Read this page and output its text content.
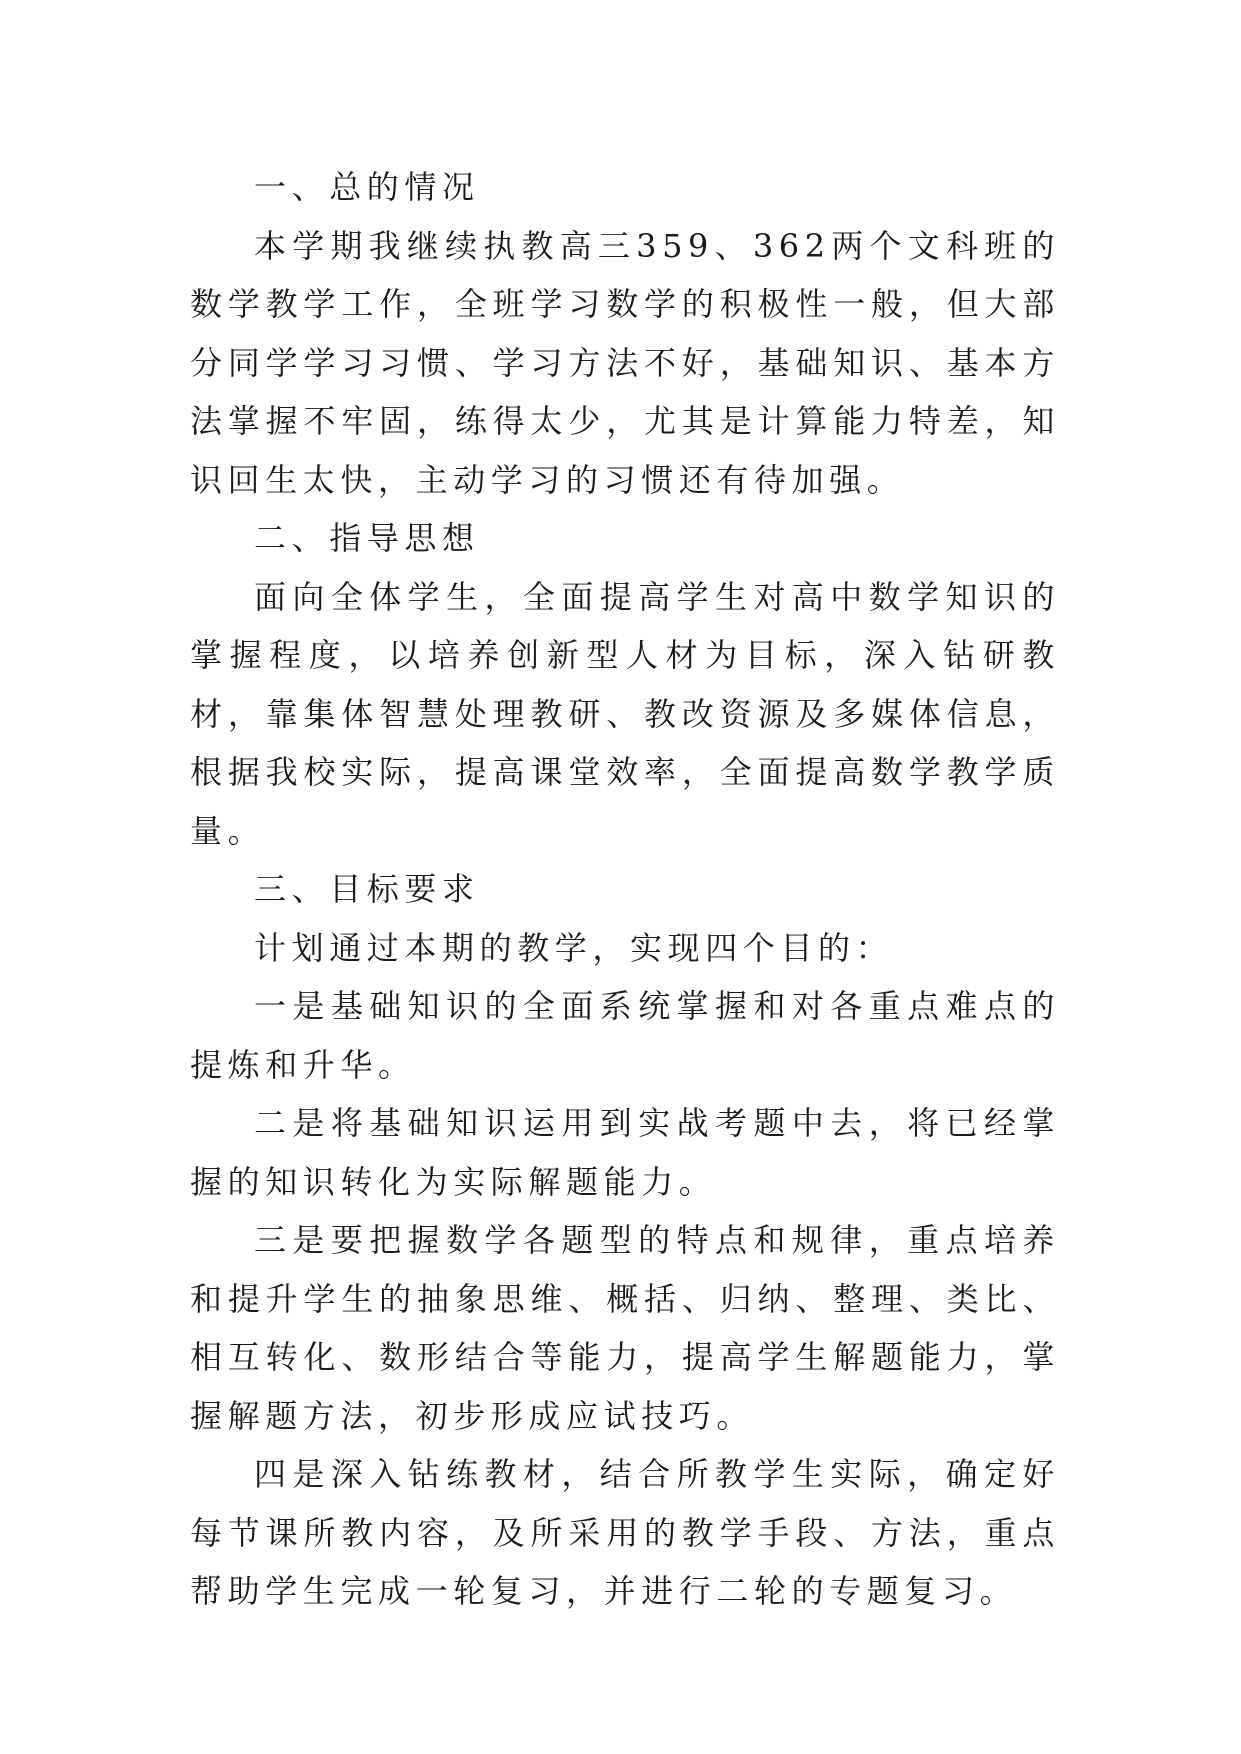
一、总的情况

本学期我继续执教高三359、362两个文科班的数学教学工作，全班学习数学的积极性一般，但大部分同学学习习惯、学习方法不好，基础知识、基本方法掌握不牢固，练得太少，尤其是计算能力特差，知识回生太快，主动学习的习惯还有待加强。

二、指导思想

面向全体学生，全面提高学生对高中数学知识的掌握程度，以培养创新型人材为目标，深入钻研教材，靠集体智慧处理教研、教改资源及多媒体信息，根据我校实际，提高课堂效率，全面提高数学教学质量。

三、目标要求

计划通过本期的教学，实现四个目的：

一是基础知识的全面系统掌握和对各重点难点的提炼和升华。

二是将基础知识运用到实战考题中去，将已经掌握的知识转化为实际解题能力。

三是要把握数学各题型的特点和规律，重点培养和提升学生的抽象思维、概括、归纳、整理、类比、相互转化、数形结合等能力，提高学生解题能力，掌握解题方法，初步形成应试技巧。

四是深入钻练教材，结合所教学生实际，确定好每节课所教内容，及所采用的教学手段、方法，重点帮助学生完成一轮复习，并进行二轮的专题复习。
